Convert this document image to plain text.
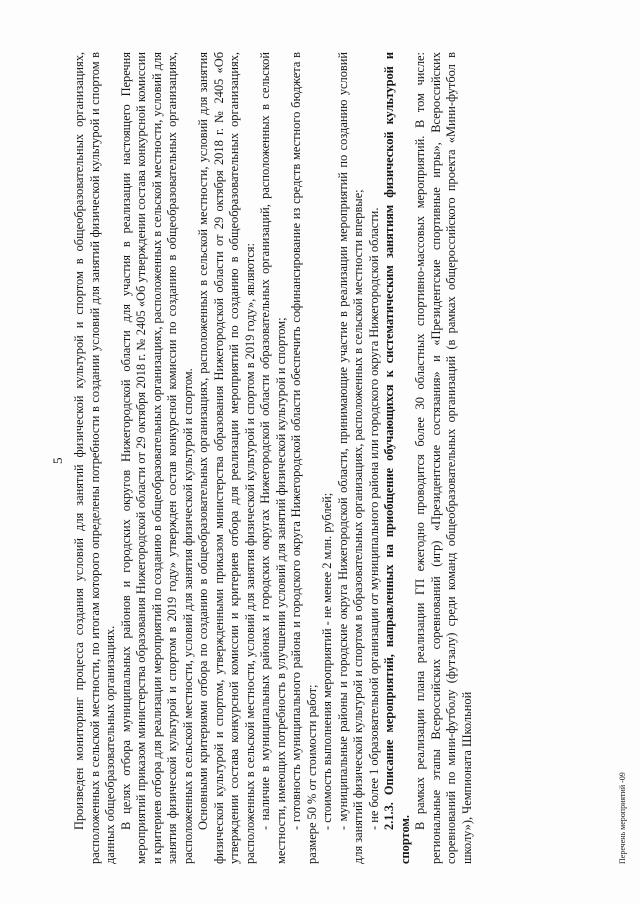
5 Произведен мониторинг процесса создания условий для занятий физической культурой и спортом в общеобразовательных организациях, расположенных в сельской местности, по итогам которого определены потребности в создании условий для занятий физической культурой и спортом в данных общеобразовательных организациях. В целях отбора муниципальных районов и городских округов Нижегородской области для участия в реализации настоящего Перечня мероприятий приказом министерства образования Нижегородской области от 29 октября 2018 г. № 2405 «Об утверждении состава конкурсной комиссии и критериев отбора для реализации мероприятий по созданию в общеобразовательных организациях, расположенных в сельской местности, условий для занятия физической культурой и спортом в 2019 году» утвержден состав конкурсной комиссии по созданию в общеобразовательных организациях, расположенных в сельской местности, условий для занятия физической культурой и спортом. Основными критериями отбора по созданию в общеобразовательных организациях, расположенных в сельской местности, условий для занятия физической культурой и спортом, утвержденными приказом министерства образования Нижегородской области от 29 октября 2018 г. № 2405 «Об утверждении состава конкурсной комиссии и критериев отбора для реализации мероприятий по созданию в общеобразовательных организациях, расположенных в сельской местности, условий для занятия физической культурой и спортом в 2019 году», являются: - наличие в муниципальных районах и городских округах Нижегородской области образовательных организаций, расположенных в сельской местности, имеющих потребность в улучшении условий для занятий физической культурой и спортом; - готовность муниципального района и городского округа Нижегородской области обеспечить софинансирование из средств местного бюджета в размере 50 % от стоимости работ; - стоимость выполнения мероприятий - не менее 2 млн. рублей; - муниципальные районы и городские округа Нижегородской области, принимающие участие в реализации мероприятий по созданию условий для занятий физической культурой и спортом в образовательных организациях, расположенных в сельской местности впервые; - не более 1 образовательной организации от муниципального района или городского округа Нижегородской области. 2.1.3. Описание мероприятий, направленных на приобщение обучающихся к систематическим занятиям физической культурой и спортом.

В рамках реализации плана реализации ГП ежегодно проводится более 30 областных спортивно-массовых мероприятий. В том числе: региональные этапы Всероссийских соревнований (игр) «Президентские состязания» и «Президентские спортивные игры», Всероссийских соревнований по мини-футболу (футзалу) среди команд общеобразовательных организаций (в рамках общероссийского проекта «Мини-футбол в школу»), Чемпионата Школьной	Перечень мероприятий -09
